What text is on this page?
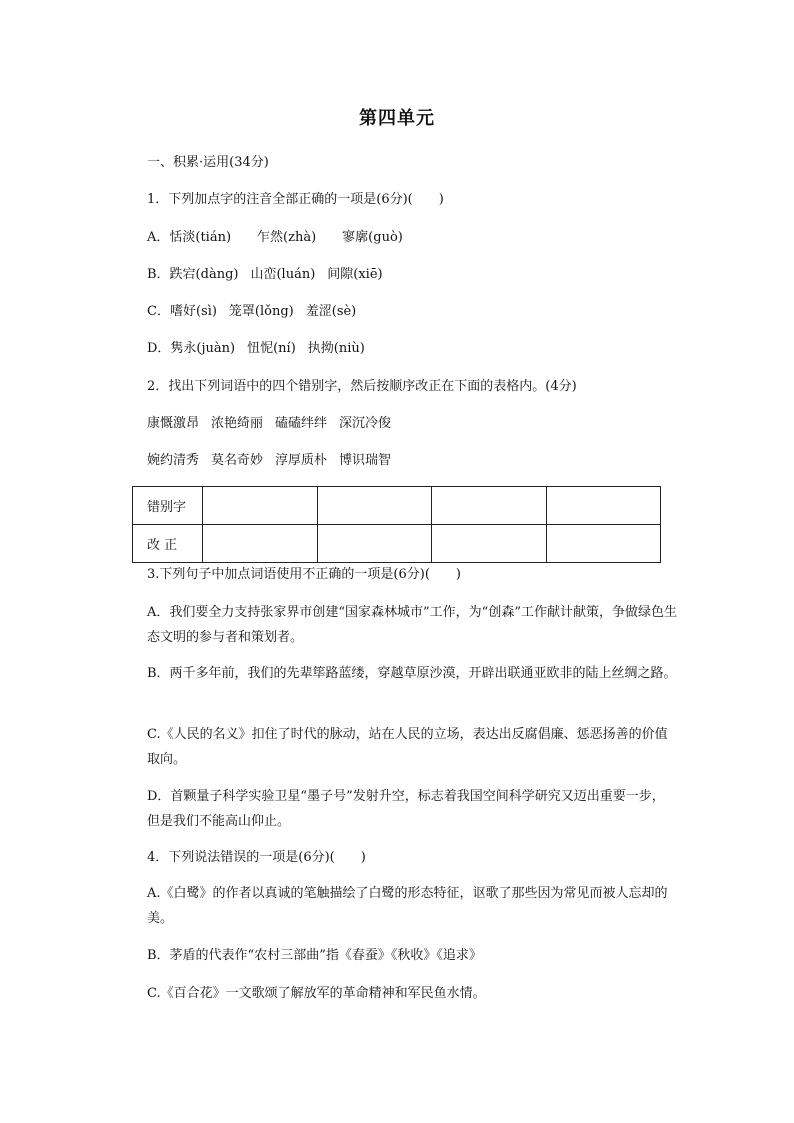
第四单元
一、积累·运用(34分)
1．下列加点字的注音全部正确的一项是(6分)(　　)
A．恬淡(tián) 乍然(zhà) 寥廓(guò)
B．跌宕(dàng) 山峦(luán) 间隙(xiē)
C．嗜好(sì) 笼罩(lǒng) 羞涩(sè)
D．隽永(juàn) 忸怩(ní) 执拗(niù)
2．找出下列词语中的四个错别字，然后按顺序改正在下面的表格内。(4分)
康慨激昂 浓艳绮丽 磕磕绊绊 深沉冷俊
婉约清秀 莫名奇妙 淳厚质朴 博识瑞智
错别字				
改 正				
3.下列句子中加点词语使用不正确的一项是(6分)(　　)
A．我们要全力支持张家界市创建“国家森林城市”工作，为“创森”工作献计献策，争做绿色生态文明的参与者和策划者。
B．两千多年前，我们的先辈筚路蓝缕，穿越草原沙漠，开辟出联通亚欧非的陆上丝绸之路。
C.《人民的名义》扣住了时代的脉动，站在人民的立场，表达出反腐倡廉、惩恶扬善的价值取向。
D．首颗量子科学实验卫星“墨子号”发射升空，标志着我国空间科学研究又迈出重要一步，但是我们不能高山仰止。
4．下列说法错误的一项是(6分)(　　)
A.《白鹭》的作者以真诚的笔触描绘了白鹭的形态特征，讴歌了那些因为常见而被人忘却的美。
B．茅盾的代表作“农村三部曲”指《春蚕》《秋收》《追求》
C.《百合花》一文歌颂了解放军的革命精神和军民鱼水情。
